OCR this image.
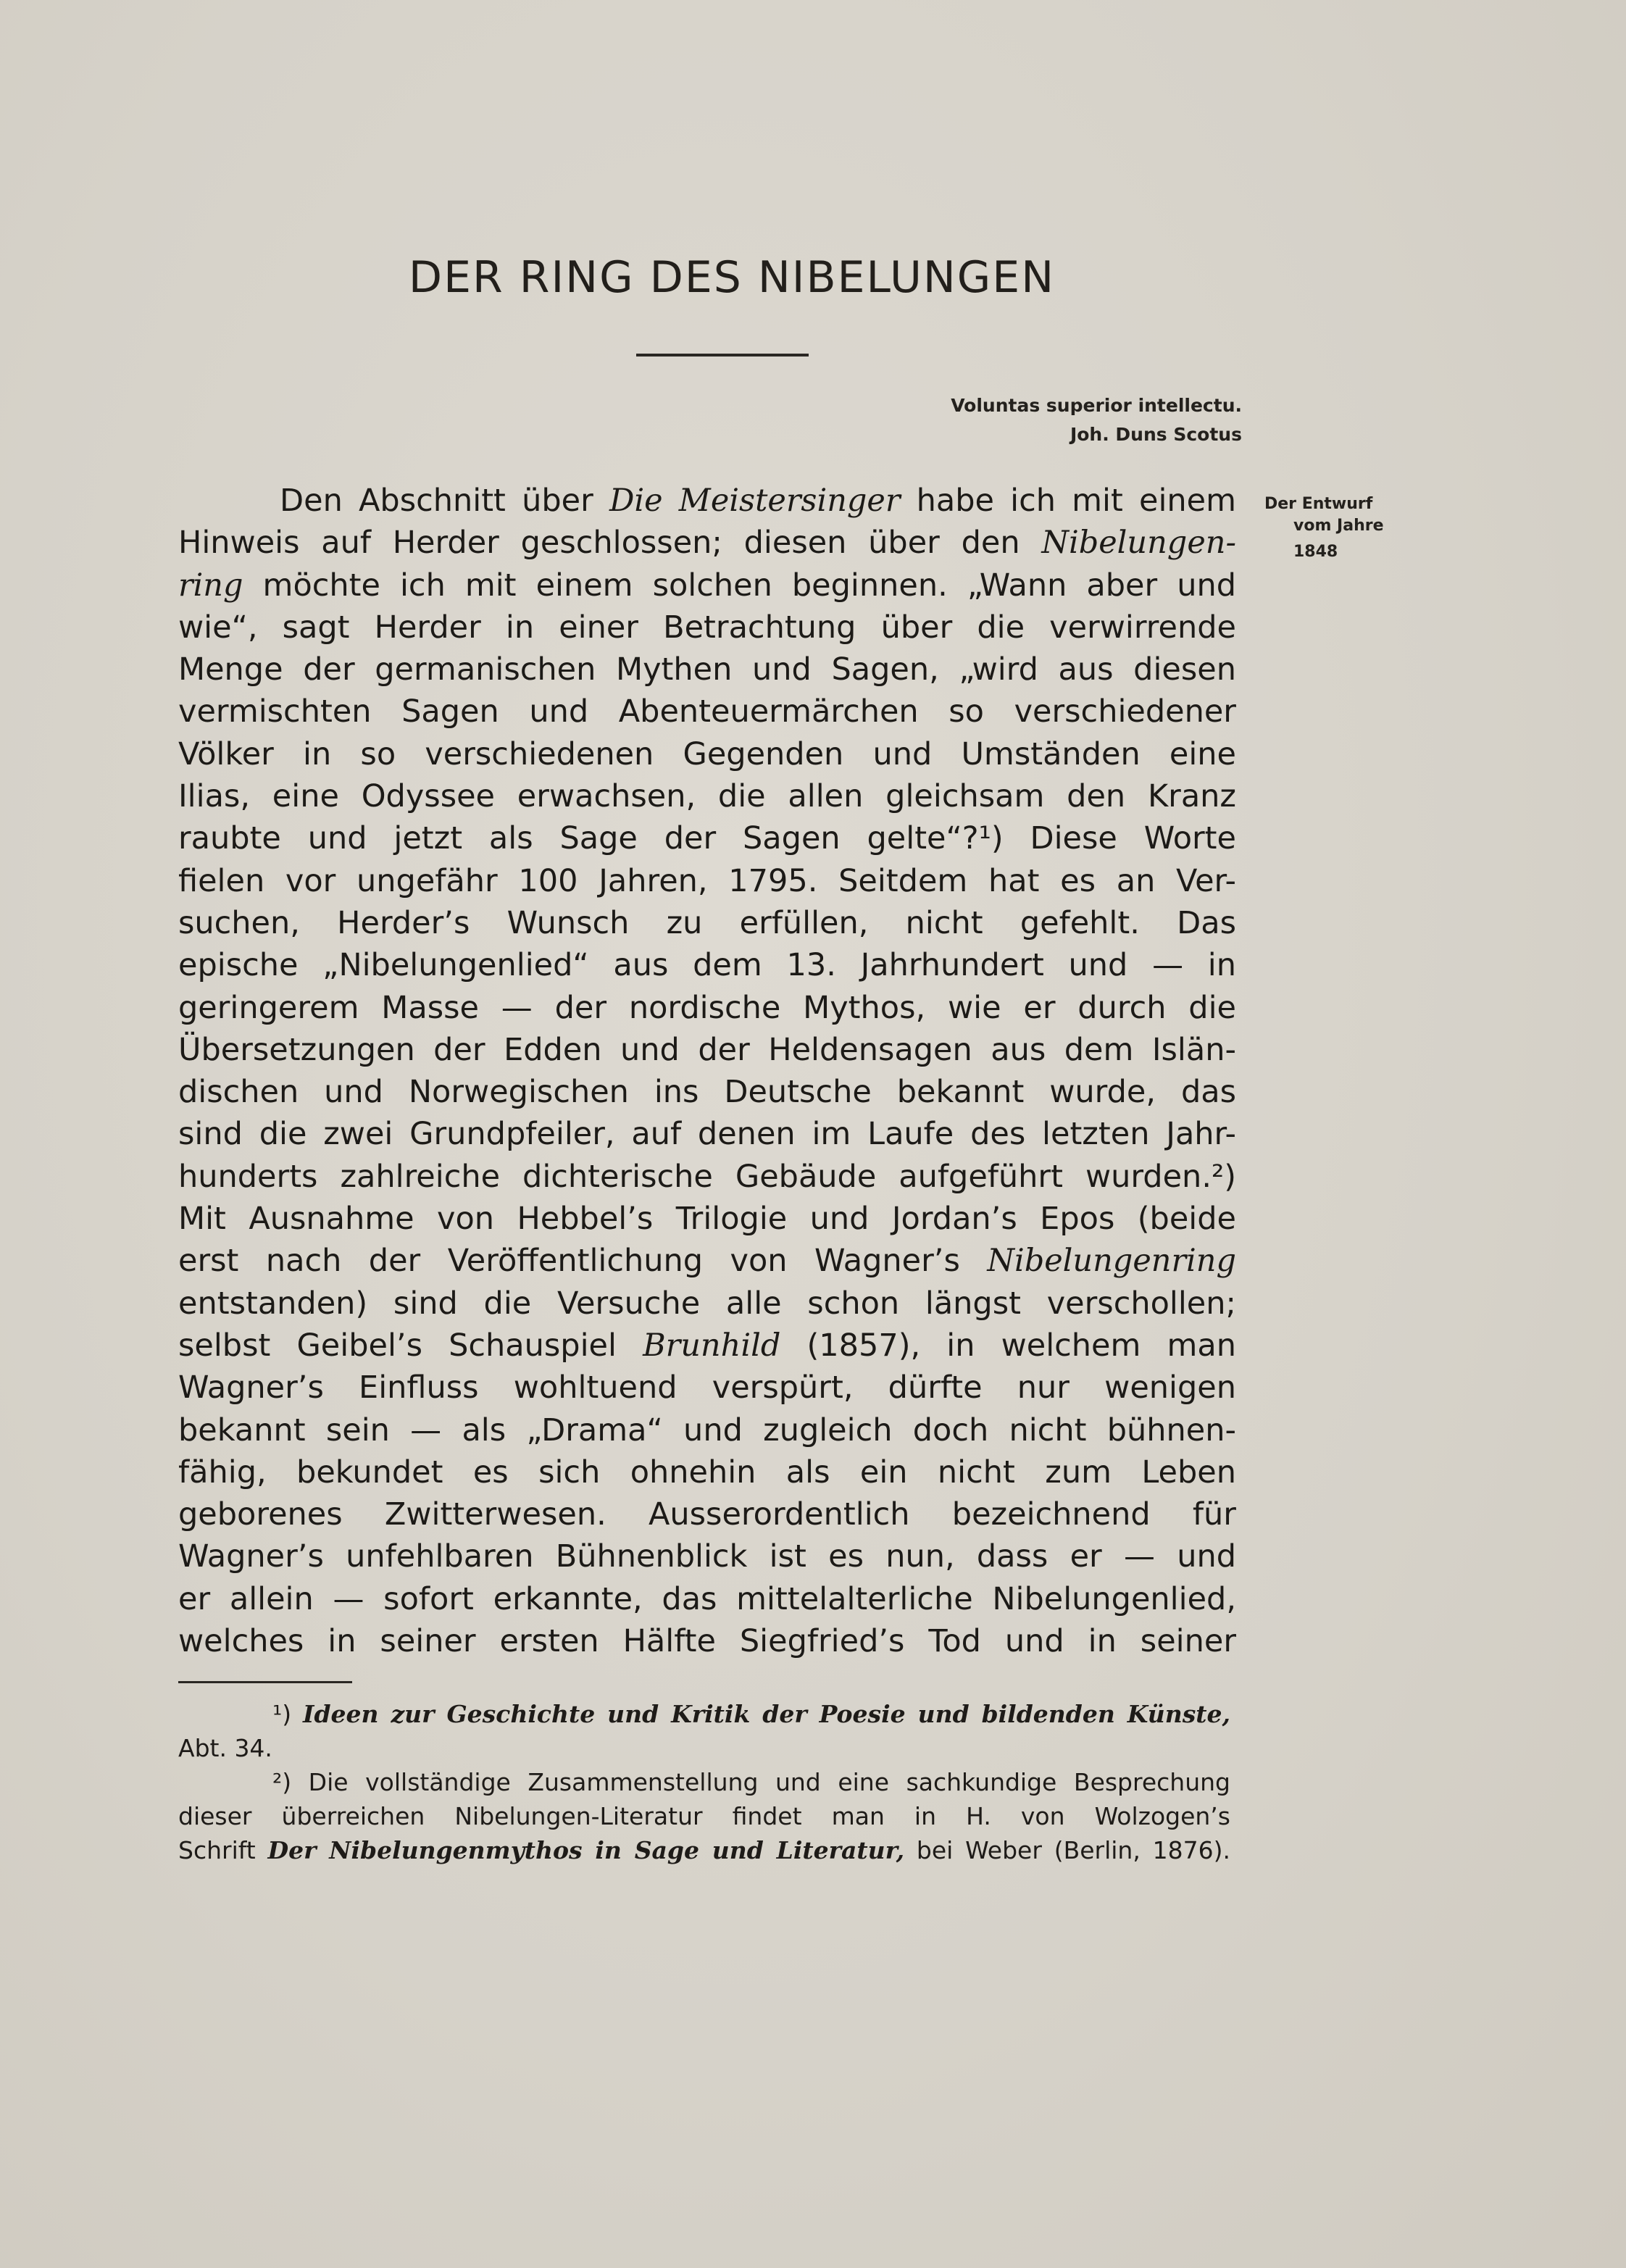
DER RING DES NIBELUNGEN
Voluntas superior intellectu.
Joh. Duns Scotus
Der Entwurf
vom Jahre 1848
Den Abschnitt über Die Meistersinger habe ich mit einem
Hinweis auf Herder geschlossen; diesen über den Nibelungen-
ring möchte ich mit einem solchen beginnen. „Wann aber und
wie“, sagt Herder in einer Betrachtung über die verwirrende
Menge der germanischen Mythen und Sagen, „wird aus diesen
vermischten Sagen und Abenteuermärchen so verschiedener
Völker in so verschiedenen Gegenden und Umständen eine
Ilias, eine Odyssee erwachsen, die allen gleichsam den Kranz
raubte und jetzt als Sage der Sagen gelte“?¹) Diese Worte
fielen vor ungefähr 100 Jahren, 1795. Seitdem hat es an Ver-
suchen, Herder’s Wunsch zu erfüllen, nicht gefehlt. Das
epische „Nibelungenlied“ aus dem 13. Jahrhundert und — in
geringerem Masse — der nordische Mythos, wie er durch die
Übersetzungen der Edden und der Heldensagen aus dem Islän-
dischen und Norwegischen ins Deutsche bekannt wurde, das
sind die zwei Grundpfeiler, auf denen im Laufe des letzten Jahr-
hunderts zahlreiche dichterische Gebäude aufgeführt wurden.²)
Mit Ausnahme von Hebbel’s Trilogie und Jordan’s Epos (beide
erst nach der Veröffentlichung von Wagner’s Nibelungenring
entstanden) sind die Versuche alle schon längst verschollen;
selbst Geibel’s Schauspiel Brunhild (1857), in welchem man
Wagner’s Einfluss wohltuend verspürt, dürfte nur wenigen
bekannt sein — als „Drama“ und zugleich doch nicht bühnen-
fähig, bekundet es sich ohnehin als ein nicht zum Leben
geborenes Zwitterwesen. Ausserordentlich bezeichnend für
Wagner’s unfehlbaren Bühnenblick ist es nun, dass er — und
er allein — sofort erkannte, das mittelalterliche Nibelungenlied,
welches in seiner ersten Hälfte Siegfried’s Tod und in seiner
¹) Ideen zur Geschichte und Kritik der Poesie und bildenden Künste,
Abt. 34.
²) Die vollständige Zusammenstellung und eine sachkundige Besprechung
dieser überreichen Nibelungen-Literatur findet man in H. von Wolzogen’s
Schrift Der Nibelungenmythos in Sage und Literatur, bei Weber (Berlin, 1876).
